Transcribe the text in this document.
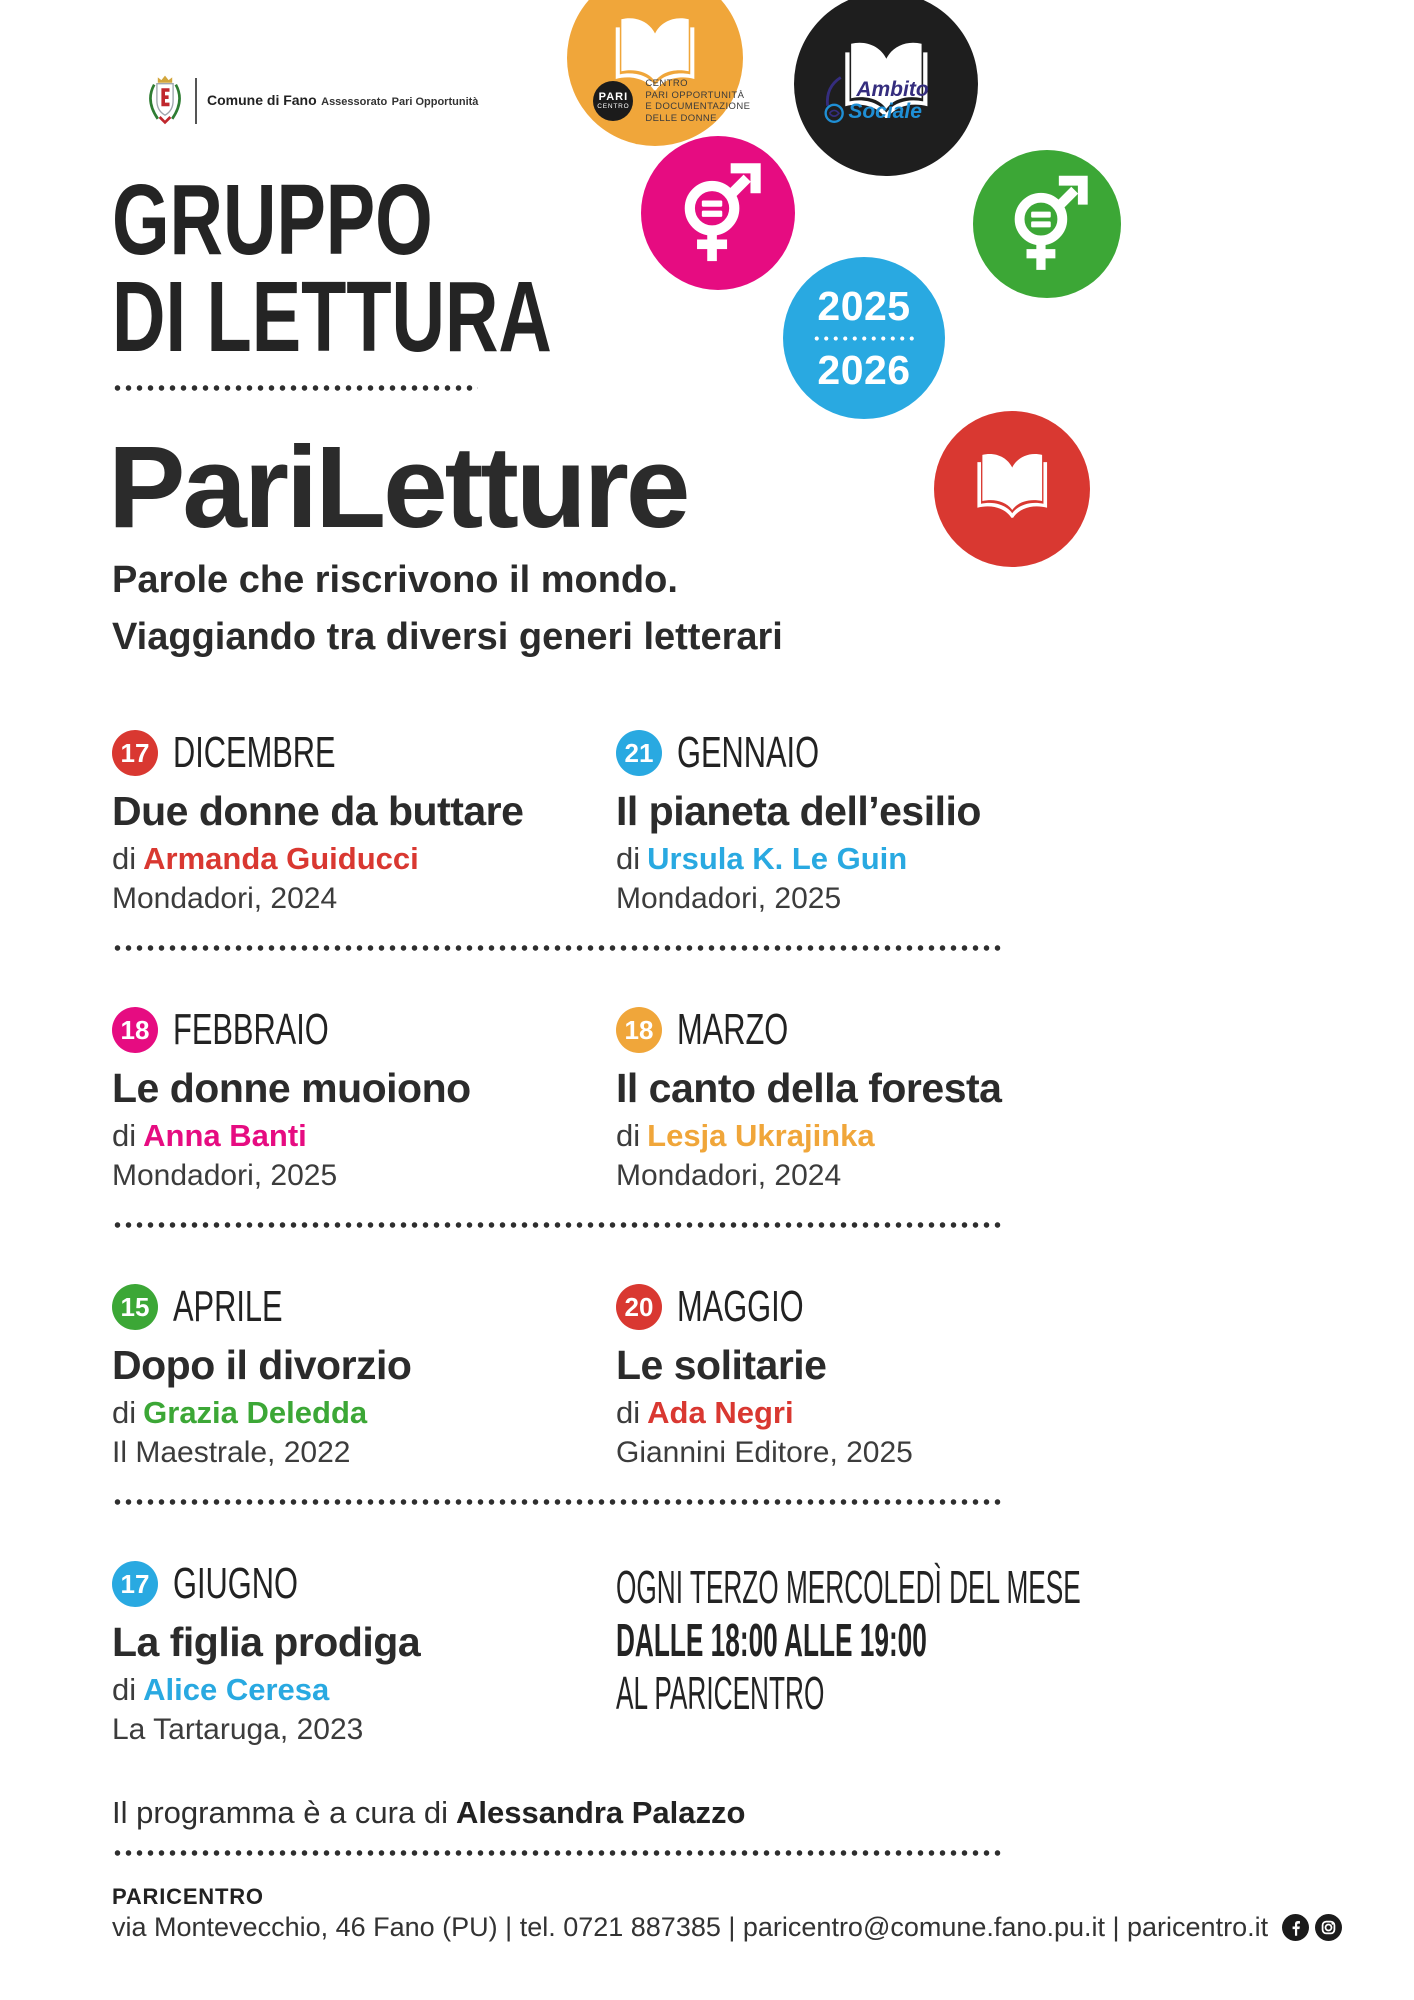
2025
2026
Comune di Fano Assessorato Pari Opportunità	PARI
CENTRO
CENTRO
PARI OPPORTUNITÀ
E DOCUMENTAZIONE
DELLE DONNE
Ambito
Sociale
GRUPPO
DI LETTURA
PariLetture
Parole che riscrivono il mondo.
Viaggiando tra diversi generi letterari
17 DICEMBRE
Due donne da buttare

di Armanda Guiducci

Mondadori, 2024

21 GENNAIO
Il pianeta dell’esilio

di Ursula K. Le Guin

Mondadori, 2025

18 FEBBRAIO
Le donne muoiono

di Anna Banti

Mondadori, 2025

18 MARZO
Il canto della foresta

di Lesja Ukrajinka

Mondadori, 2024

15 APRILE
Dopo il divorzio

di Grazia Deledda

Il Maestrale, 2022

20 MAGGIO
Le solitarie

di Ada Negri

Giannini Editore, 2025

17 GIUGNO
La figlia prodiga

di Alice Ceresa

La Tartaruga, 2023

OGNI TERZO MERCOLEDÌ DEL MESE
DALLE 18:00 ALLE 19:00
AL PARICENTRO

Il programma è a cura di Alessandra Palazzo

PARICENTRO

via Montevecchio, 46 Fano (PU) | tel. 0721 887385 | paricentro@comune.fano.pu.it | paricentro.it
